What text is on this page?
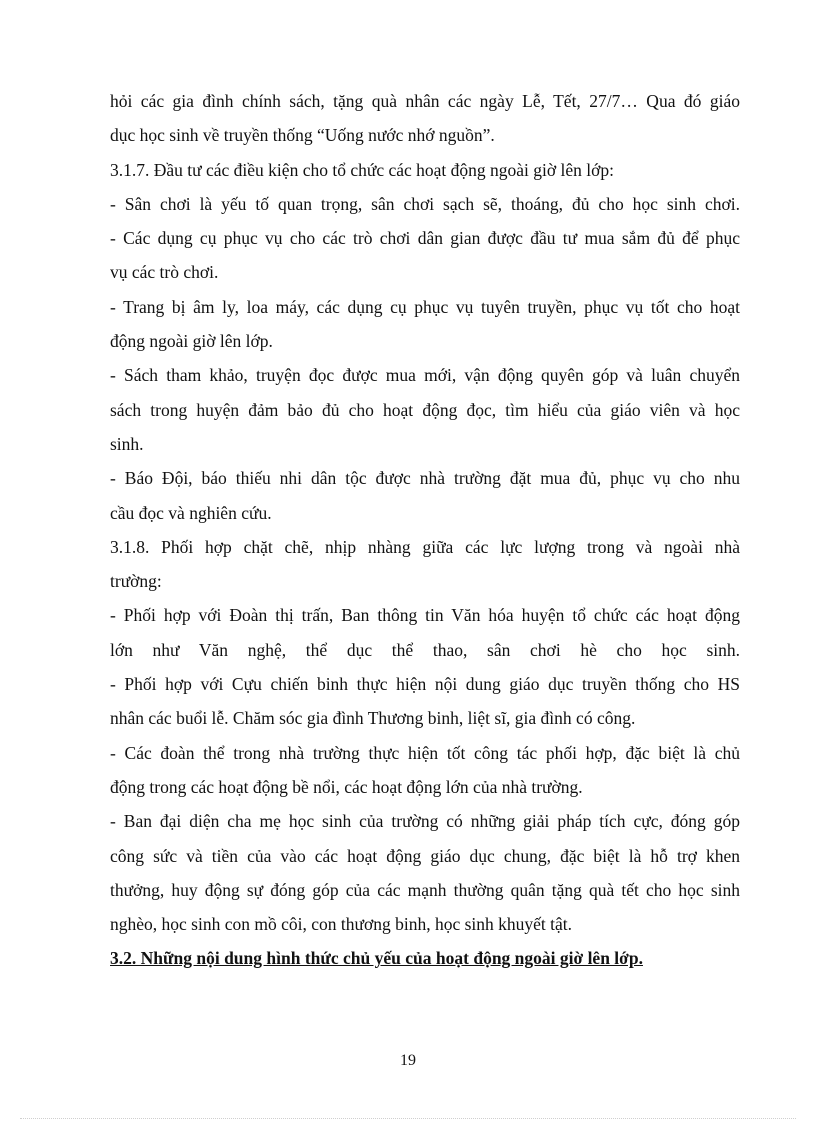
hỏi các gia đình chính sách, tặng quà nhân các ngày Lễ, Tết, 27/7… Qua đó giáo
dục học sinh về truyền thống “Uống nước nhớ nguồn”.
3.1.7. Đầu tư các điều kiện cho tổ chức các hoạt động ngoài giờ lên lớp:
- Sân chơi là yếu tố quan trọng, sân chơi sạch sẽ, thoáng, đủ cho học sinh chơi.
- Các dụng cụ phục vụ cho các trò chơi dân gian được đầu tư mua sắm đủ để phục
vụ các trò chơi.
- Trang bị âm ly, loa máy, các dụng cụ phục vụ tuyên truyền, phục vụ tốt cho hoạt
động ngoài giờ lên lớp.
- Sách tham khảo, truyện đọc được mua mới, vận động quyên góp và luân chuyển
sách trong huyện đảm bảo đủ cho hoạt động đọc, tìm hiểu của giáo viên và học
sinh.
- Báo Đội, báo thiếu nhi dân tộc được nhà trường đặt mua đủ, phục vụ cho nhu
cầu đọc và nghiên cứu.
3.1.8. Phối hợp chặt chẽ, nhịp nhàng giữa các lực lượng trong và ngoài nhà
trường:
- Phối hợp với Đoàn thị trấn, Ban thông tin Văn hóa huyện tổ chức các hoạt động
lớn như Văn nghệ, thể dục thể thao, sân chơi hè cho học sinh.
- Phối hợp với Cựu chiến binh thực hiện nội dung giáo dục truyền thống cho HS
nhân các buổi lễ. Chăm sóc gia đình Thương binh, liệt sĩ, gia đình có công.
- Các đoàn thể trong nhà trường thực hiện tốt công tác phối hợp, đặc biệt là chủ
động trong các hoạt động bề nổi, các hoạt động lớn của nhà trường.
- Ban đại diện cha mẹ học sinh của trường có những giải pháp tích cực, đóng góp
công sức và tiền của vào các hoạt động giáo dục chung, đặc biệt là hỗ trợ khen
thưởng, huy động sự đóng góp của các mạnh thường quân tặng quà tết cho học sinh
nghèo, học sinh con mồ côi, con thương binh, học sinh khuyết tật.
3.2. Những nội dung hình thức chủ yếu của hoạt động ngoài giờ lên lớp.
19
